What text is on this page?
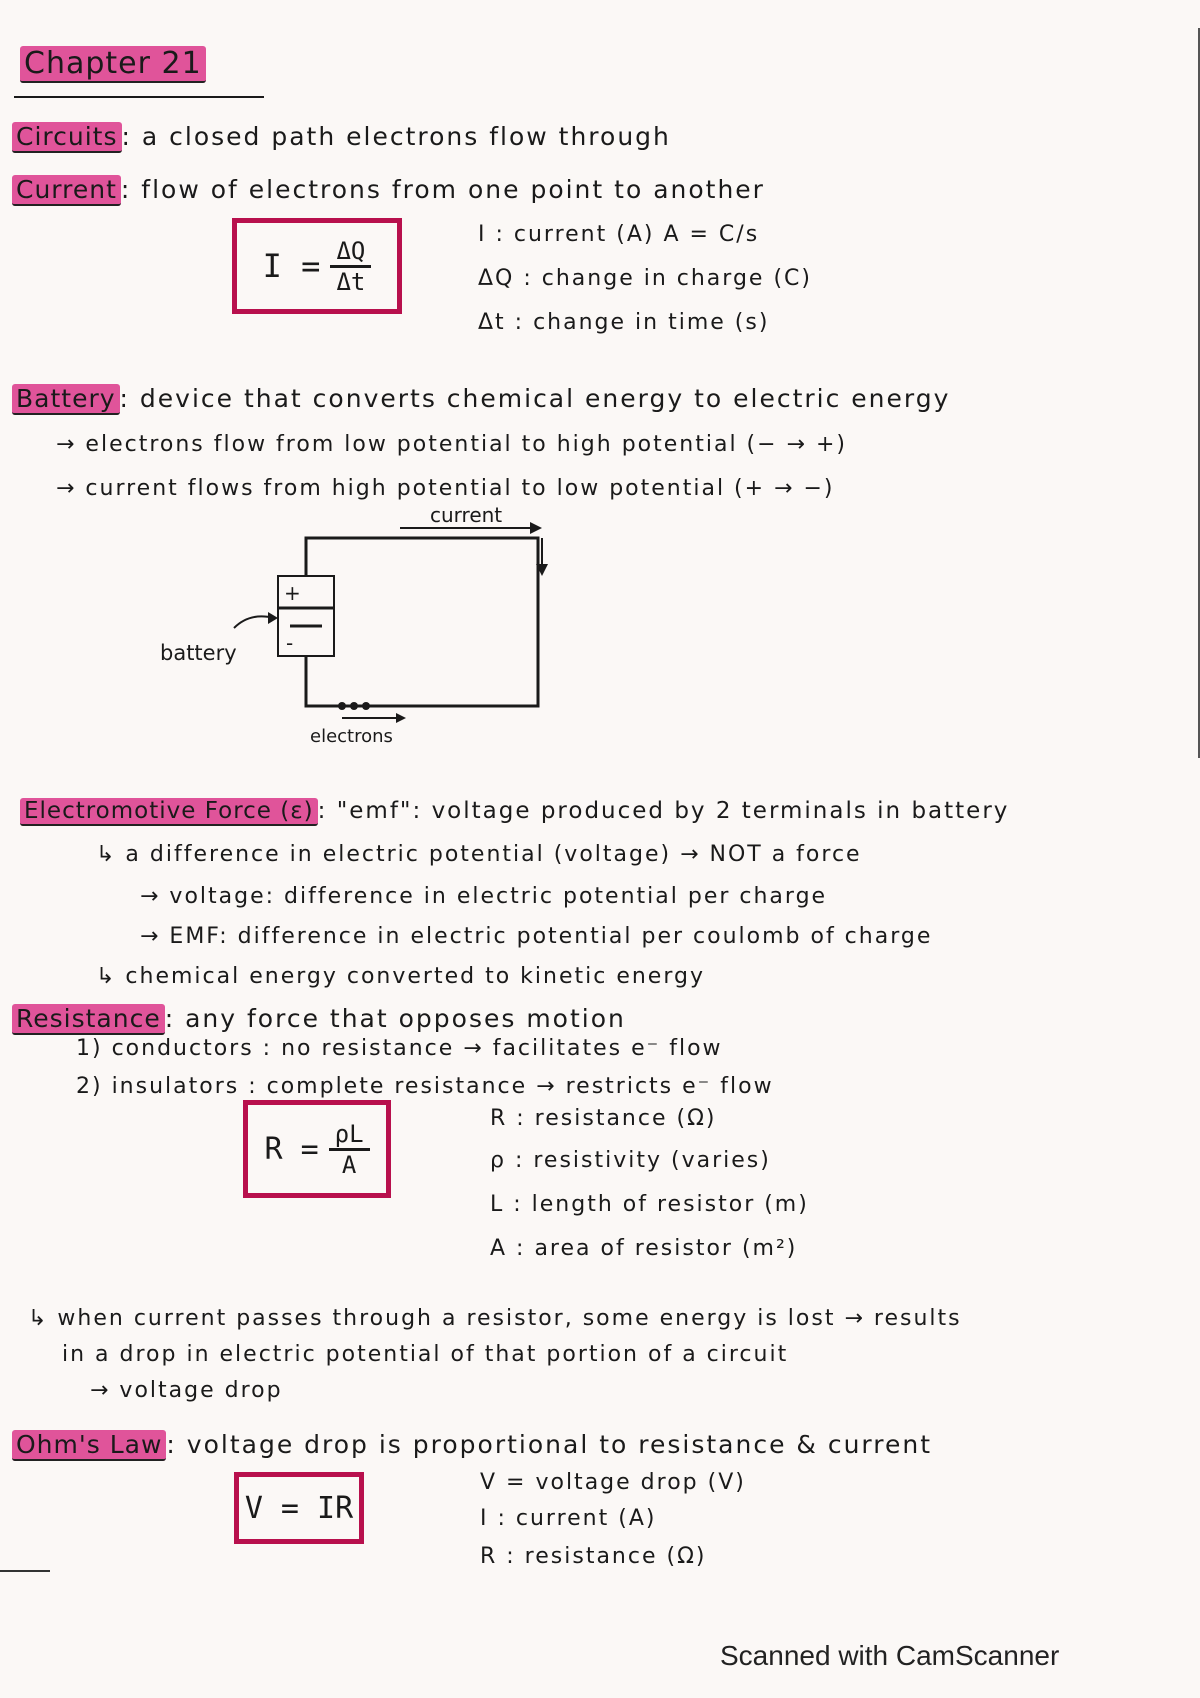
Chapter 21
Circuits : a closed path electrons flow through
Current : flow of electrons from one point to another
$I = \frac{\Delta Q}{\Delta t}$
I : current (A) A = C/s
ΔQ : change in charge (C)
Δt : change in time (s)
Battery : device that converts chemical energy to electric energy
→ electrons flow from low potential to high potential (− → +)
→ current flows from high potential to low potential (+ → −)
current
+
-
battery
electrons
Electromotive Force (ε) : "emf": voltage produced by 2 terminals in battery
↳ a difference in electric potential (voltage) → NOT a force
→ voltage: difference in electric potential per charge
→ EMF: difference in electric potential per coulomb of charge
↳ chemical energy converted to kinetic energy
Resistance : any force that opposes motion
1) conductors : no resistance → facilitates e⁻ flow
2) insulators : complete resistance → restricts e⁻ flow
$R = \frac{\rho L}{A}$
R : resistance (Ω)
ρ : resistivity (varies)
L : length of resistor (m)
A : area of resistor (m²)
↳ when current passes through a resistor, some energy is lost → results
in a drop in electric potential of that portion of a circuit
→ voltage drop
Ohm's Law : voltage drop is proportional to resistance & current
V = IR
V = voltage drop (V)
I : current (A)
R : resistance (Ω)
Scanned with CamScanner
